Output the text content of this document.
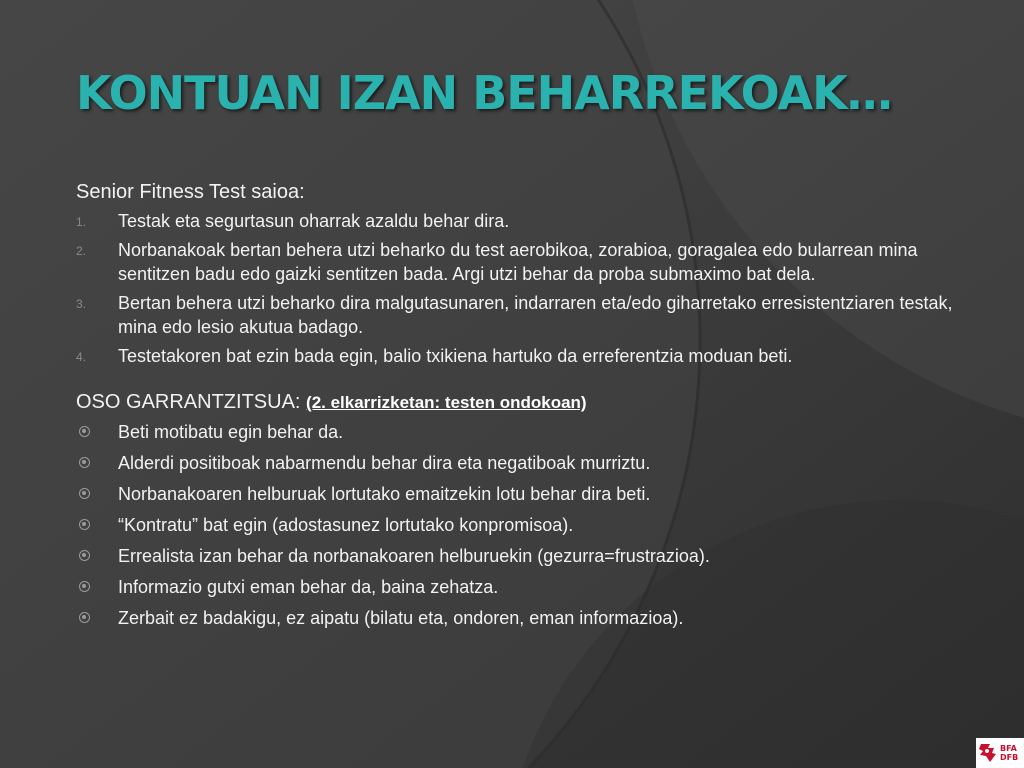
KONTUAN IZAN BEHARREKOAK…
Senior Fitness Test saioa:
1.	Testak eta segurtasun oharrak azaldu behar dira.
2.	Norbanakoak bertan behera utzi beharko du test aerobikoa, zorabioa, goragalea edo bularrean mina sentitzen badu edo gaizki sentitzen bada. Argi utzi behar da proba submaximo bat dela.
3.	Bertan behera utzi beharko dira malgutasunaren, indarraren eta/edo giharretako erresistentziaren testak, mina edo lesio akutua badago.
4.	Testetakoren bat ezin bada egin, balio txikiena hartuko da erreferentzia moduan beti.
OSO GARRANTZITSUA: (2. elkarrizketan: testen ondokoan)
Beti motibatu egin behar da.
Alderdi positiboak nabarmendu behar dira eta negatiboak murriztu.
Norbanakoaren helburuak lortutako emaitzekin lotu behar dira beti.
“Kontratu” bat egin (adostasunez lortutako konpromisoa).
Errealista izan behar da norbanakoaren helburuekin (gezurra=frustrazioa).
Informazio gutxi eman behar da, baina zehatza.
Zerbait ez badakigu, ez aipatu (bilatu eta, ondoren, eman informazioa).
BFA
DFB
